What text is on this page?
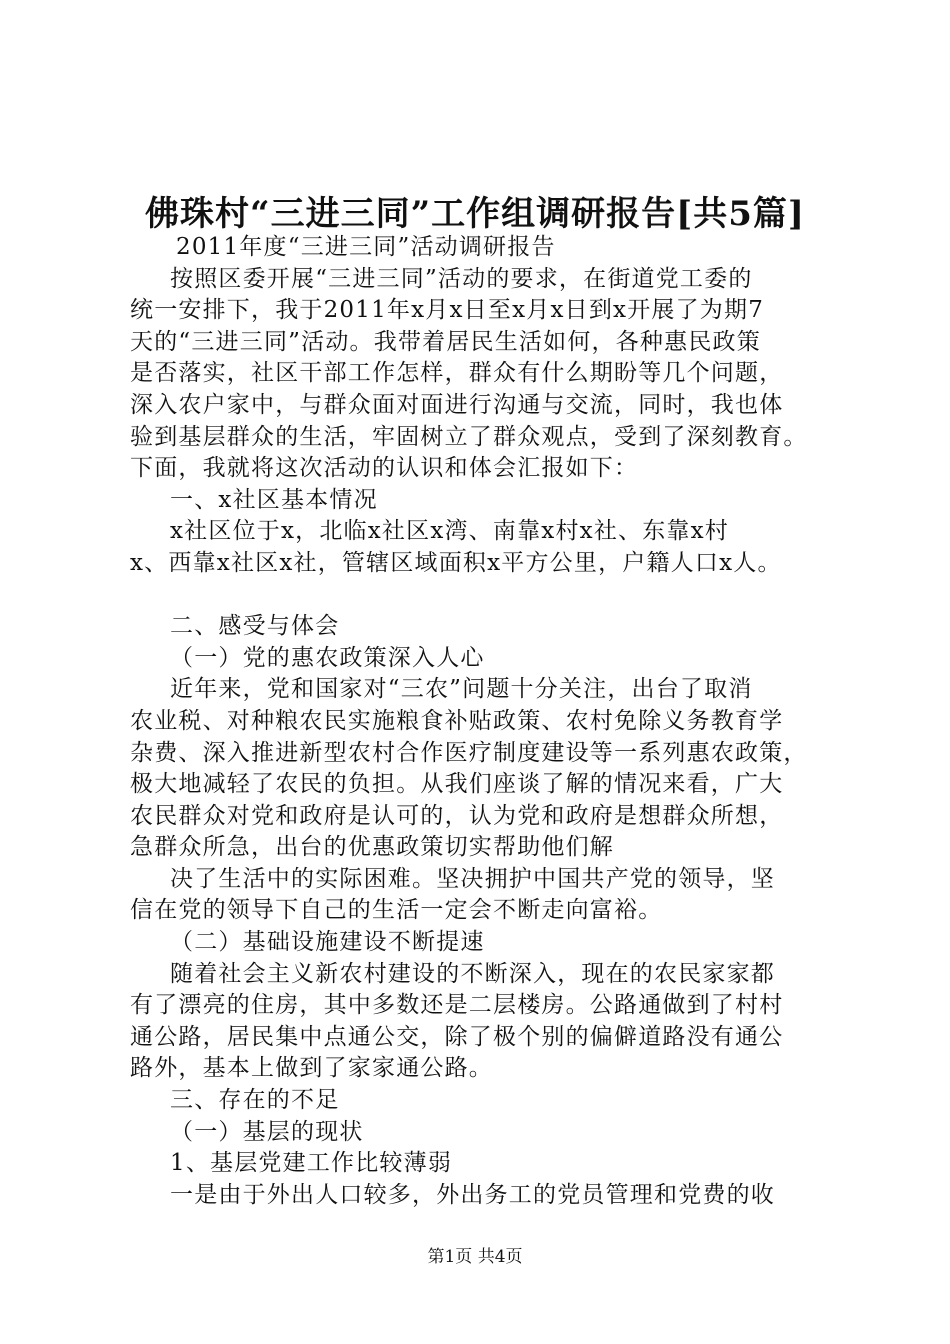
佛珠村“三进三同”工作组调研报告[共5篇]
2011年度“三进三同”活动调研报告
按照区委开展“三进三同”活动的要求，在街道党工委的
统一安排下，我于2011年x月x日至x月x日到x开展了为期7
天的“三进三同”活动。我带着居民生活如何，各种惠民政策
是否落实，社区干部工作怎样，群众有什么期盼等几个问题，
深入农户家中，与群众面对面进行沟通与交流，同时，我也体
验到基层群众的生活，牢固树立了群众观点，受到了深刻教育。
下面，我就将这次活动的认识和体会汇报如下：
一、x社区基本情况
x社区位于x，北临x社区x湾、南靠x村x社、东靠x村
x、西靠x社区x社，管辖区域面积x平方公里，户籍人口x人。
二、感受与体会
（一）党的惠农政策深入人心
近年来，党和国家对“三农”问题十分关注，出台了取消
农业税、对种粮农民实施粮食补贴政策、农村免除义务教育学
杂费、深入推进新型农村合作医疗制度建设等一系列惠农政策，
极大地减轻了农民的负担。从我们座谈了解的情况来看，广大
农民群众对党和政府是认可的，认为党和政府是想群众所想，
急群众所急，出台的优惠政策切实帮助他们解
决了生活中的实际困难。坚决拥护中国共产党的领导，坚
信在党的领导下自己的生活一定会不断走向富裕。
（二）基础设施建设不断提速
随着社会主义新农村建设的不断深入，现在的农民家家都
有了漂亮的住房，其中多数还是二层楼房。公路通做到了村村
通公路，居民集中点通公交，除了极个别的偏僻道路没有通公
路外，基本上做到了家家通公路。
三、存在的不足
（一）基层的现状
1、基层党建工作比较薄弱
一是由于外出人口较多，外出务工的党员管理和党费的收
第1页 共4页
